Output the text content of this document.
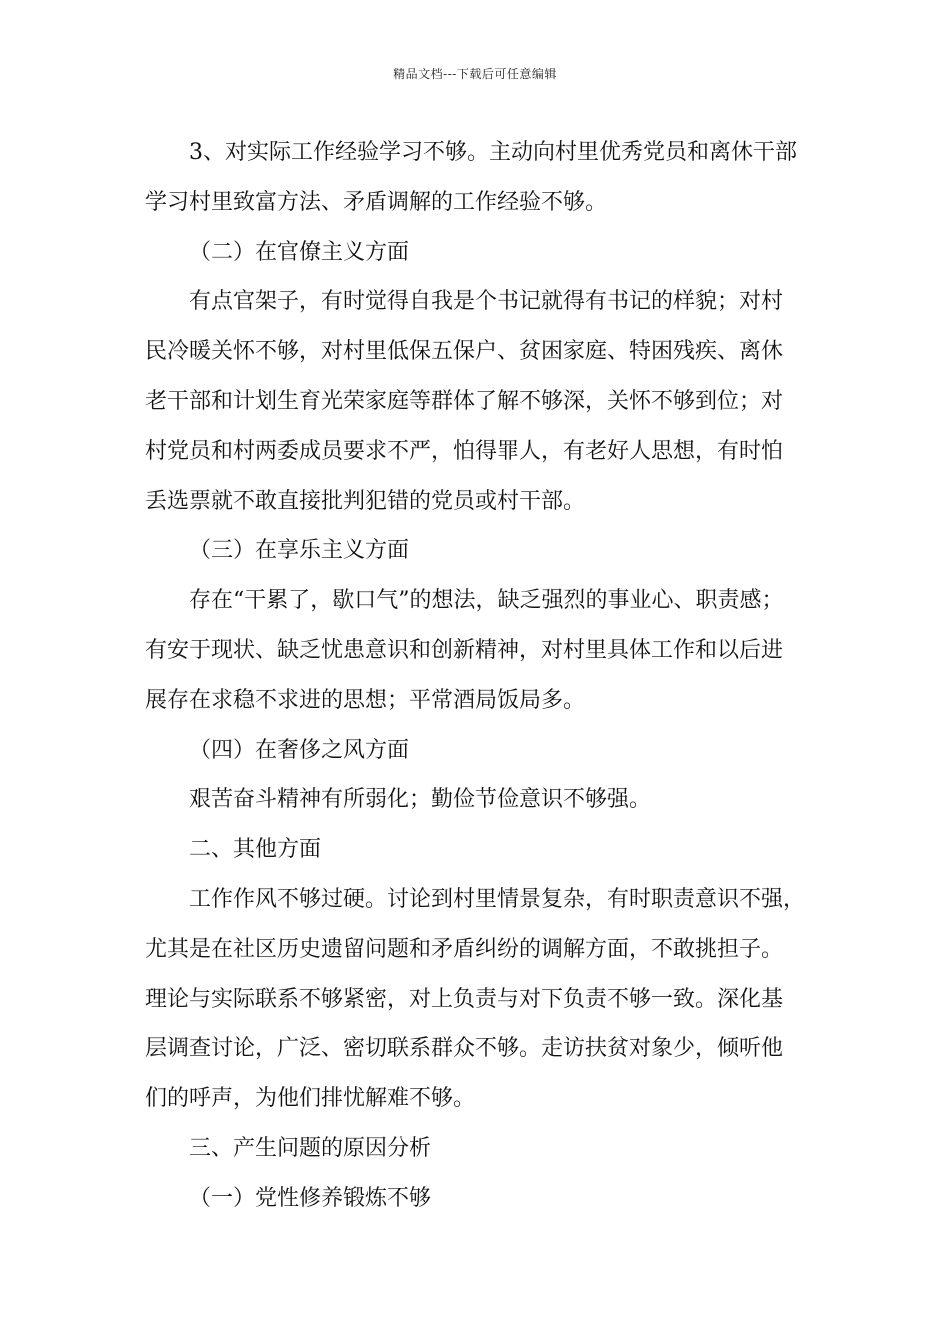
精品文档---下载后可任意编辑
3、对实际工作经验学习不够。主动向村里优秀党员和离休干部
学习村里致富方法、矛盾调解的工作经验不够。
（二）在官僚主义方面
有点官架子，有时觉得自我是个书记就得有书记的样貌；对村
民冷暖关怀不够，对村里低保五保户、贫困家庭、特困残疾、离休
老干部和计划生育光荣家庭等群体了解不够深，关怀不够到位；对
村党员和村两委成员要求不严，怕得罪人，有老好人思想，有时怕
丢选票就不敢直接批判犯错的党员或村干部。
（三）在享乐主义方面
存在“干累了，歇口气”的想法，缺乏强烈的事业心、职责感；
有安于现状、缺乏忧患意识和创新精神，对村里具体工作和以后进
展存在求稳不求进的思想；平常酒局饭局多。
（四）在奢侈之风方面
艰苦奋斗精神有所弱化；勤俭节俭意识不够强。
二、其他方面
工作作风不够过硬。讨论到村里情景复杂，有时职责意识不强，
尤其是在社区历史遗留问题和矛盾纠纷的调解方面，不敢挑担子。
理论与实际联系不够紧密，对上负责与对下负责不够一致。深化基
层调查讨论，广泛、密切联系群众不够。走访扶贫对象少，倾听他
们的呼声，为他们排忧解难不够。
三、产生问题的原因分析
（一）党性修养锻炼不够
